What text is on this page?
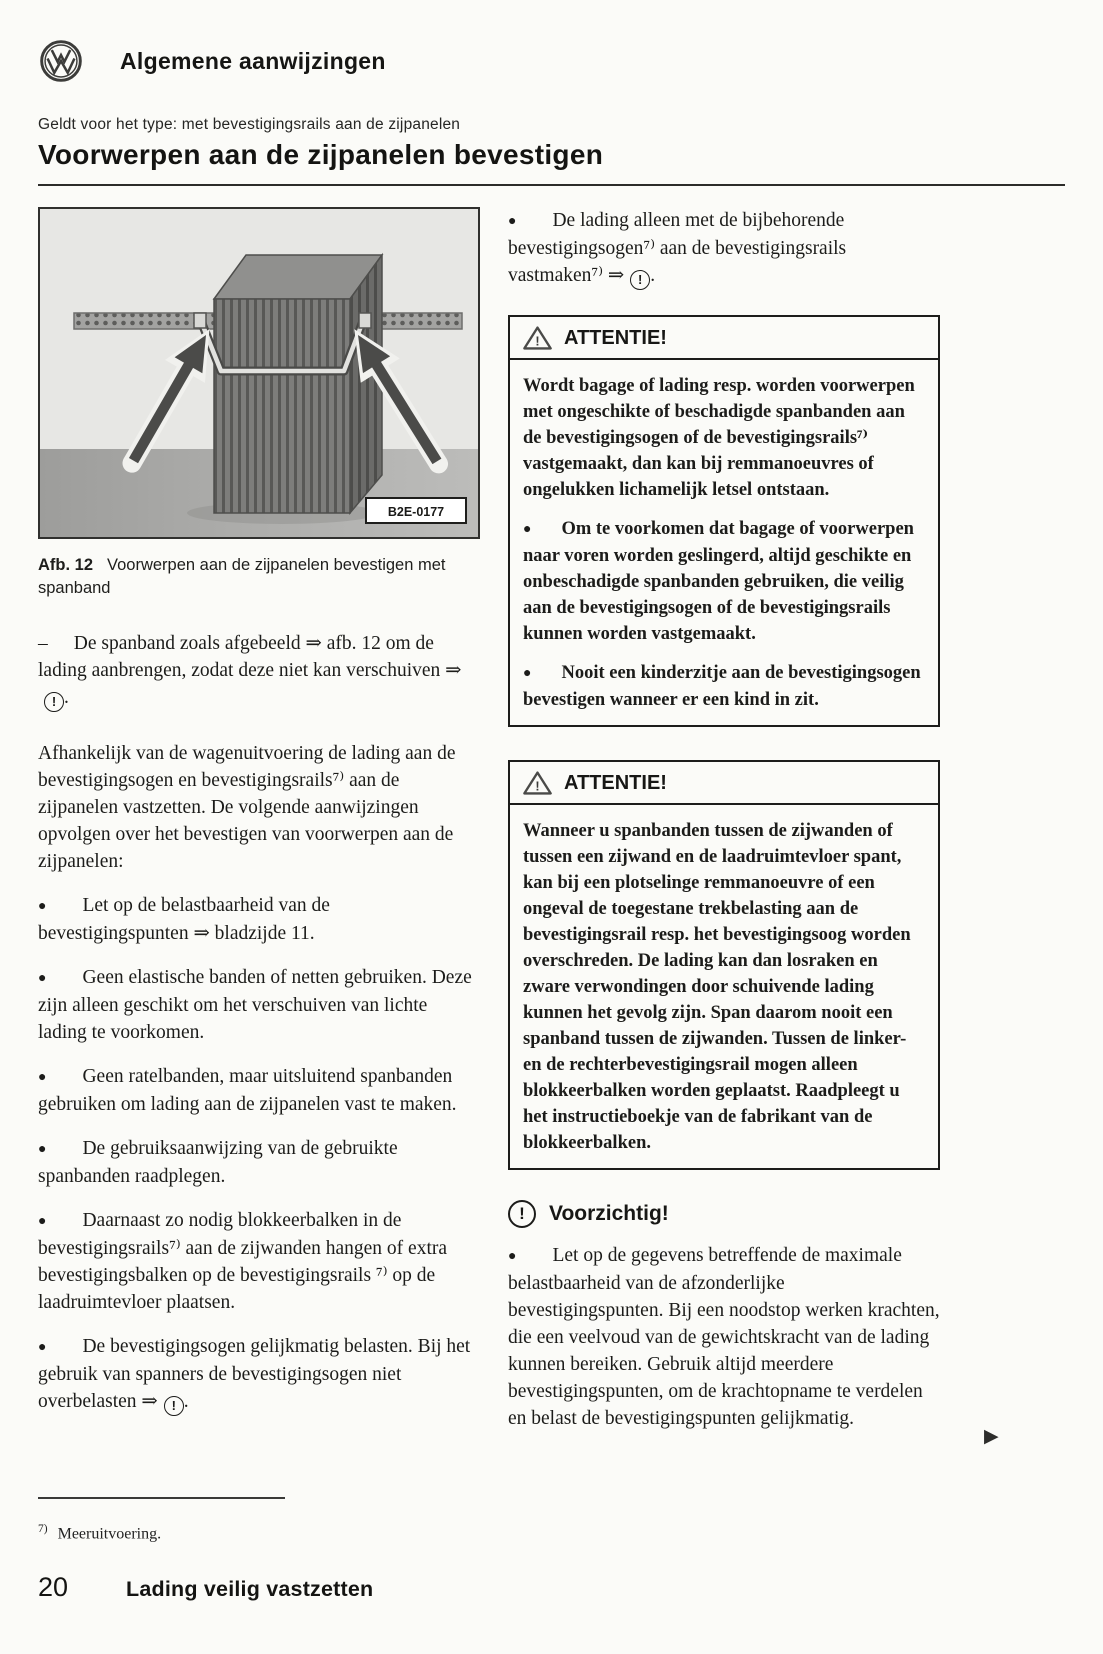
Algemene aanwijzingen
Geldt voor het type: met bevestigingsrails aan de zijpanelen
Voorwerpen aan de zijpanelen bevestigen
B2E-0177

Afb. 12 Voorwerpen aan de zijpanelen bevestigen met spanband

– De spanband zoals afgebeeld ⇒ afb. 12 om de lading aanbrengen, zodat deze niet kan verschuiven ⇒! .

Afhankelijk van de wagenuitvoering de lading aan de bevestigingsogen en bevestigingsrails⁷⁾ aan de zijpanelen vastzetten. De volgende aanwijzingen opvolgen over het bevestigen van voorwerpen aan de zijpanelen:

● Let op de belastbaarheid van de bevestigingspunten ⇒ bladzijde 11.

● Geen elastische banden of netten gebruiken. Deze zijn alleen geschikt om het verschuiven van lichte lading te voorkomen.

● Geen ratelbanden, maar uitsluitend spanbanden gebruiken om lading aan de zijpanelen vast te maken.

● De gebruiksaanwijzing van de gebruikte spanbanden raadplegen.

● Daarnaast zo nodig blokkeerbalken in de bevestigingsrails⁷⁾ aan de zijwanden hangen of extra bevestigingsbalken op de bevestigingsrails ⁷⁾ op de laadruimtevloer plaatsen.

● De bevestigingsogen gelijkmatig belasten. Bij het gebruik van spanners de bevestigingsogen niet overbelasten ⇒ ! .

● De lading alleen met de bijbehorende bevestigingsogen⁷⁾ aan de bevestigingsrails vastmaken⁷⁾ ⇒ ! .

! ATTENTIE!

Wordt bagage of lading resp. worden voorwerpen met ongeschikte of beschadigde spanbanden aan de bevestigingsogen of de bevestigingsrails⁷⁾ vastgemaakt, dan kan bij remmanoeuvres of ongelukken lichamelijk letsel ontstaan.

● Om te voorkomen dat bagage of voorwerpen naar voren worden geslingerd, altijd geschikte en onbeschadigde spanbanden gebruiken, die veilig aan de bevestigingsogen of de bevestigingsrails kunnen worden vastgemaakt.

● Nooit een kinderzitje aan de bevestigingsogen bevestigen wanneer er een kind in zit.

! ATTENTIE!

Wanneer u spanbanden tussen de zijwanden of tussen een zijwand en de laadruimtevloer spant, kan bij een plotselinge remmanoeuvre of een ongeval de toegestane trekbelasting aan de bevestigingsrail resp. het bevestigingsoog worden overschreden. De lading kan dan losraken en zware verwondingen door schuivende lading kunnen het gevolg zijn. Span daarom nooit een spanband tussen de zijwanden. Tussen de linker- en de rechterbevestigingsrail mogen alleen blokkeerbalken worden geplaatst. Raadpleegt u het instructieboekje van de fabrikant van de blokkeerbalken.

!	Voorzichtig!

● Let op de gegevens betreffende de maximale belastbaarheid van de afzonderlijke bevestigingspunten. Bij een noodstop werken krachten, die een veelvoud van de gewichtskracht van de lading kunnen bereiken. Gebruik altijd meerdere bevestigingspunten, om de krachtopname te verdelen en belast de bevestigingspunten gelijkmatig.

▶

$^{7)}$ Meeruitvoering.

20	Lading veilig vastzetten
